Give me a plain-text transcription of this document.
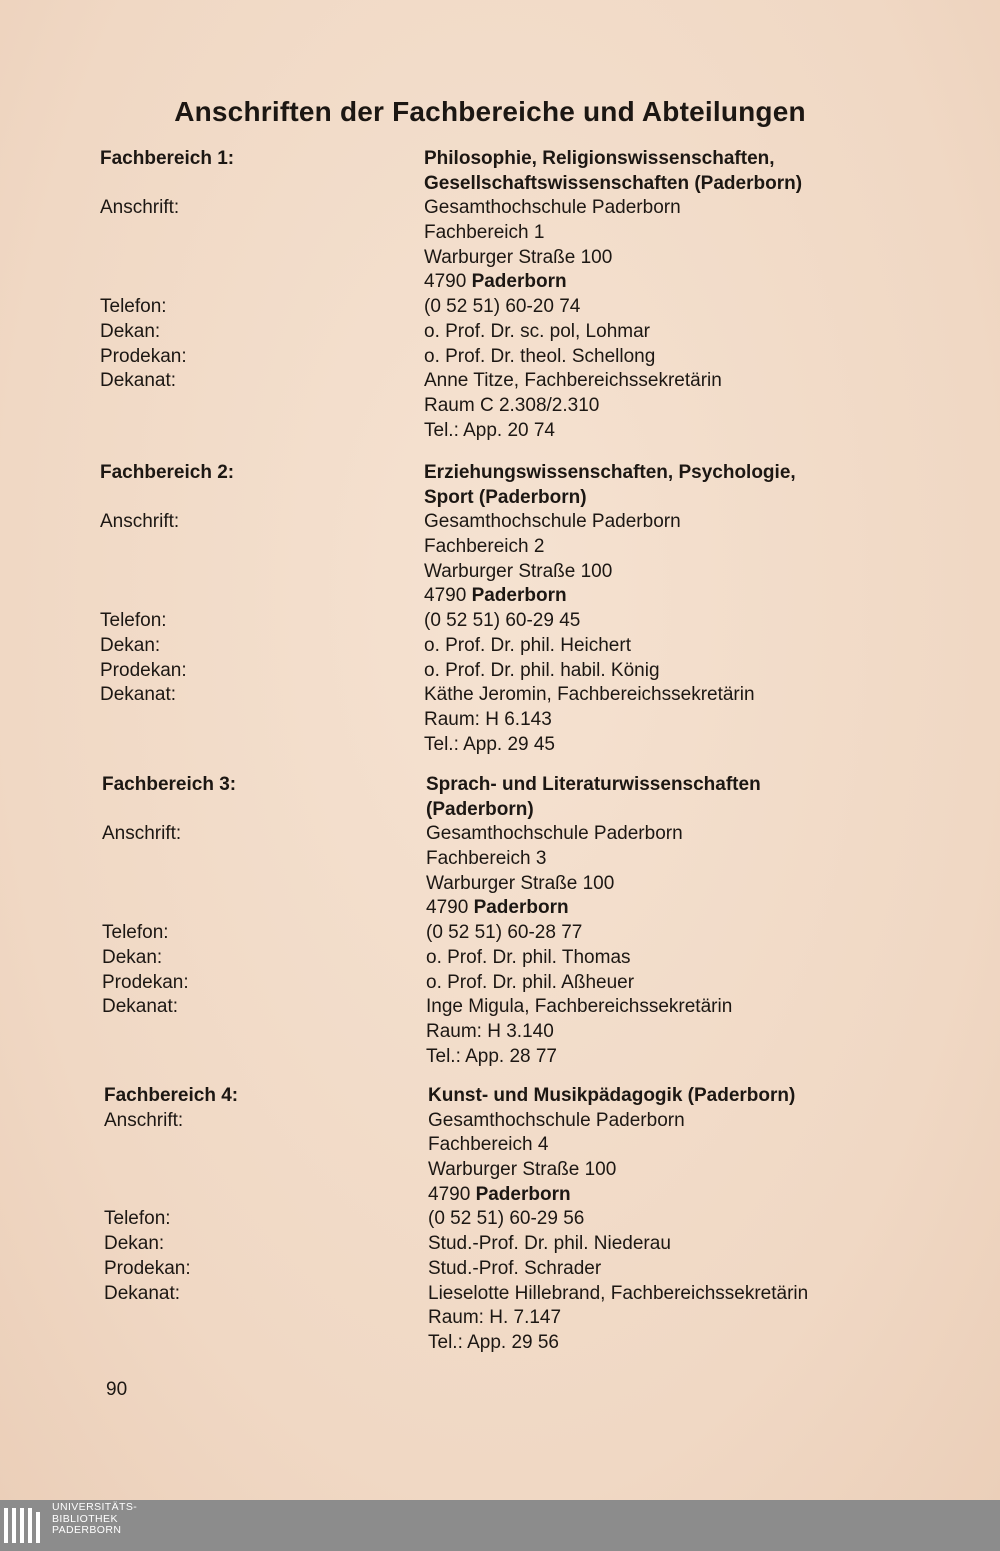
Anschriften der Fachbereiche und Abteilungen
Fachbereich 1:	Philosophie, Religionswissenschaften,
Gesellschaftswissenschaften (Paderborn)
Anschrift:	Gesamthochschule Paderborn
Fachbereich 1
Warburger Straße 100
4790 Paderborn
Telefon:	(0 52 51) 60-20 74
Dekan:	o. Prof. Dr. sc. pol, Lohmar
Prodekan:	o. Prof. Dr. theol. Schellong
Dekanat:	Anne Titze, Fachbereichssekretärin
Raum C 2.308/2.310
Tel.: App. 20 74
Fachbereich 2:	Erziehungswissenschaften, Psychologie,
Sport (Paderborn)
Anschrift:	Gesamthochschule Paderborn
Fachbereich 2
Warburger Straße 100
4790 Paderborn
Telefon:	(0 52 51) 60-29 45
Dekan:	o. Prof. Dr. phil. Heichert
Prodekan:	o. Prof. Dr. phil. habil. König
Dekanat:	Käthe Jeromin, Fachbereichssekretärin
Raum: H 6.143
Tel.: App. 29 45
Fachbereich 3:	Sprach- und Literaturwissenschaften
(Paderborn)
Anschrift:	Gesamthochschule Paderborn
Fachbereich 3
Warburger Straße 100
4790 Paderborn
Telefon:	(0 52 51) 60-28 77
Dekan:	o. Prof. Dr. phil. Thomas
Prodekan:	o. Prof. Dr. phil. Aßheuer
Dekanat:	Inge Migula, Fachbereichssekretärin
Raum: H 3.140
Tel.: App. 28 77
Fachbereich 4:	Kunst- und Musikpädagogik (Paderborn)
Anschrift:	Gesamthochschule Paderborn
Fachbereich 4
Warburger Straße 100
4790 Paderborn
Telefon:	(0 52 51) 60-29 56
Dekan:	Stud.-Prof. Dr. phil. Niederau
Prodekan:	Stud.-Prof. Schrader
Dekanat:	Lieselotte Hillebrand, Fachbereichssekretärin
Raum: H. 7.147
Tel.: App. 29 56
90
UNIVERSITÄTS-
BIBLIOTHEK
PADERBORN
